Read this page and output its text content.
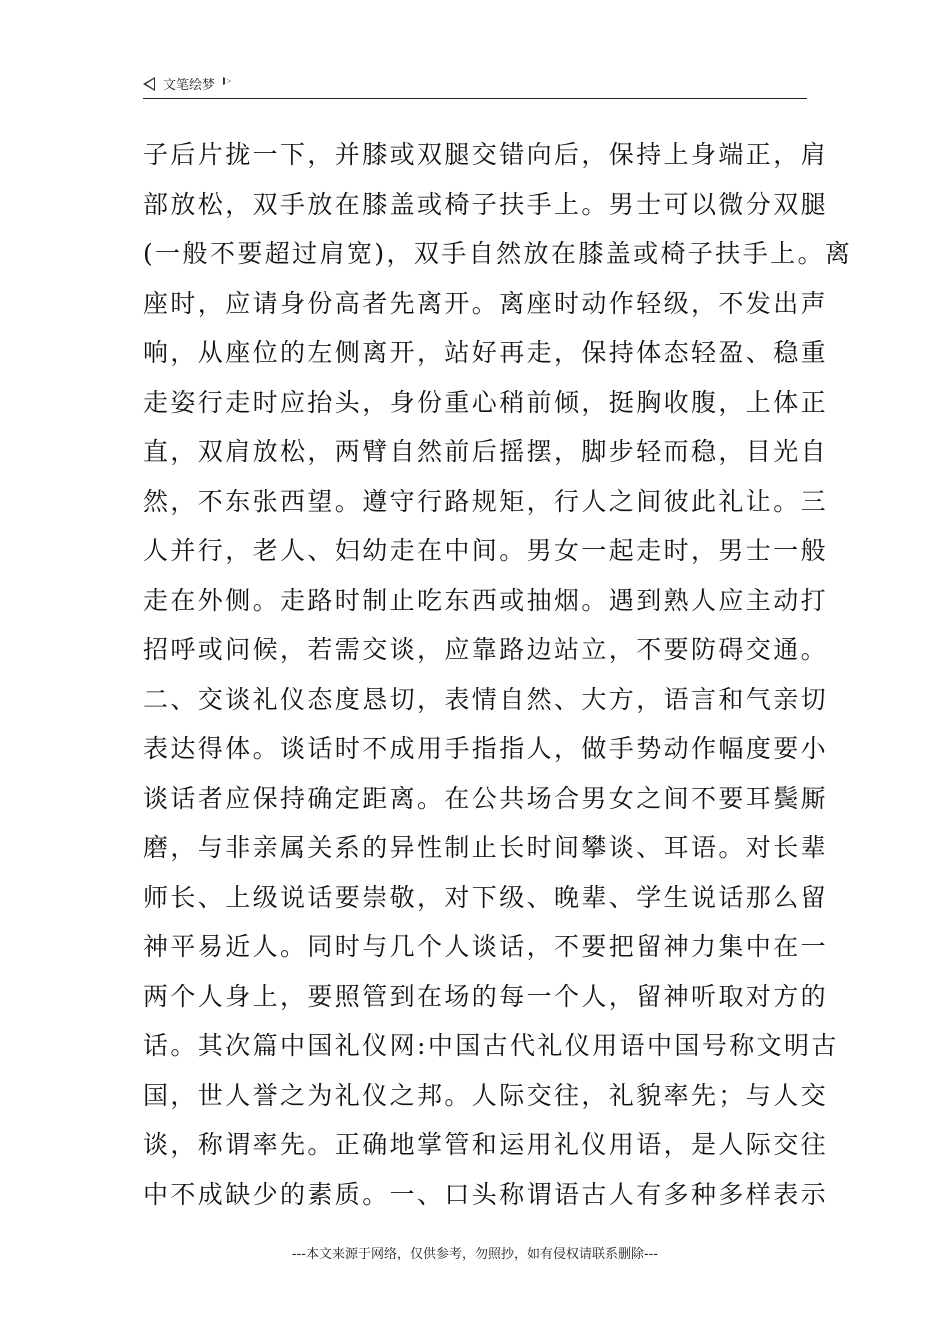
文笔绘梦
子后片拢一下，并膝或双腿交错向后，保持上身端正，肩
部放松，双手放在膝盖或椅子扶手上。男士可以微分双腿
(一般不要超过肩宽)，双手自然放在膝盖或椅子扶手上。离
座时，应请身份高者先离开。离座时动作轻级，不发出声
响，从座位的左侧离开，站好再走，保持体态轻盈、稳重
走姿行走时应抬头，身份重心稍前倾，挺胸收腹，上体正
直，双肩放松，两臂自然前后摇摆，脚步轻而稳，目光自
然，不东张西望。遵守行路规矩，行人之间彼此礼让。三
人并行，老人、妇幼走在中间。男女一起走时，男士一般
走在外侧。走路时制止吃东西或抽烟。遇到熟人应主动打
招呼或问候，若需交谈，应靠路边站立，不要防碍交通。
二、交谈礼仪态度恳切，表情自然、大方，语言和气亲切
表达得体。谈话时不成用手指指人，做手势动作幅度要小
谈话者应保持确定距离。在公共场合男女之间不要耳鬓厮
磨，与非亲属关系的异性制止长时间攀谈、耳语。对长辈
师长、上级说话要崇敬，对下级、晚辈、学生说话那么留
神平易近人。同时与几个人谈话，不要把留神力集中在一
两个人身上，要照管到在场的每一个人，留神听取对方的
话。其次篇中国礼仪网:中国古代礼仪用语中国号称文明古
国，世人誉之为礼仪之邦。人际交往，礼貌率先；与人交
谈，称谓率先。正确地掌管和运用礼仪用语，是人际交往
中不成缺少的素质。一、口头称谓语古人有多种多样表示
---本文来源于网络，仅供参考，勿照抄，如有侵权请联系删除---
